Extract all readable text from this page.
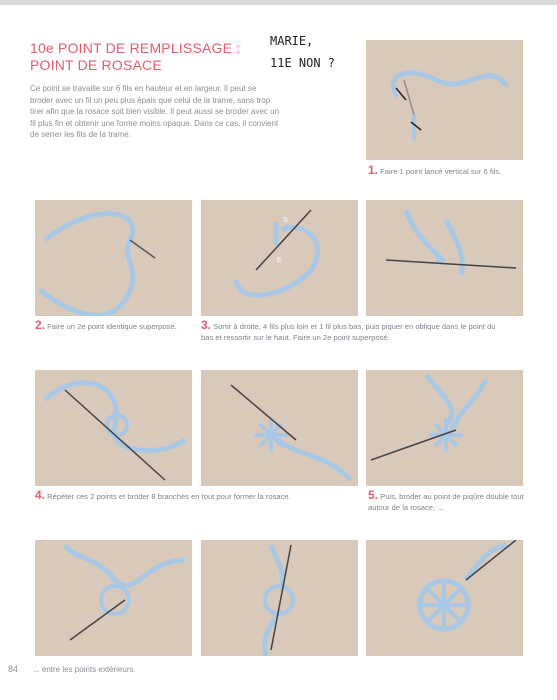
10e POINT DE REMPLISSAGE :
POINT DE ROSACE
Ce point se travaille sur 6 fils en hauteur et en largeur. Il peut se broder avec un fil un peu plus épais que celui de la trame, sans trop tirer afin que la rosace soit bien visible. Il peut aussi se broder avec un fil plus fin et obtenir une forme moins opaque. Dans ce cas, il convient de serrer les fils de la trame.
MARIE,
11E NON ?
1. Faire 1 point lancé vertical sur 6 fils.
2. Faire un 2e point identique superposé.
S
E
3. Sortir à droite, 4 fils plus loin et 1 fil plus bas, puis piquer en oblique dans le point du bas et ressortir sur le haut. Faire un 2e point superposé.
4. Répéter ces 2 points et broder 8 branches en tout pour former la rosace.	5. Puis, broder au point de piqûre double tout autour de la rosace, ...
84 ... entre les points extérieurs.
